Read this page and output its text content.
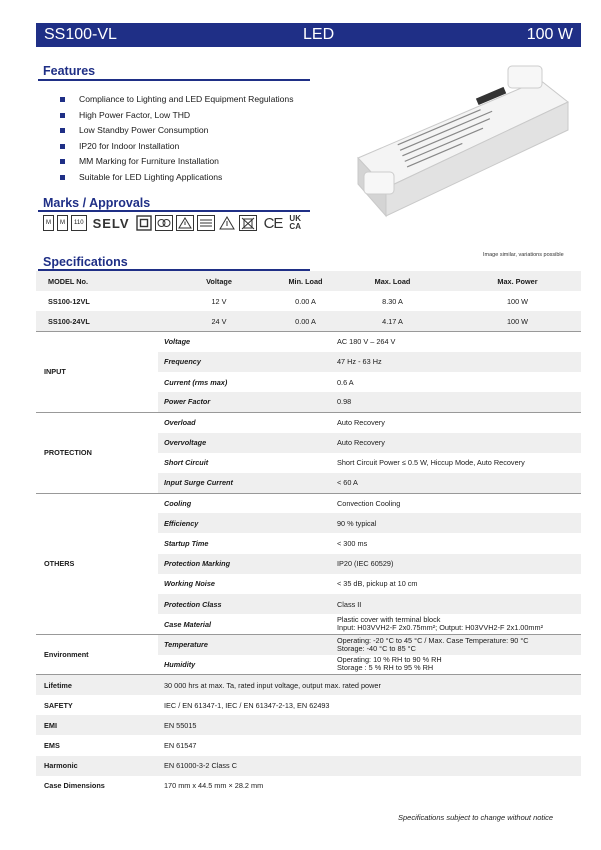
SS100-VL	LED	100 W
Features
Compliance to Lighting and LED Equipment Regulations
High Power Factor, Low THD
Low Standby Power Consumption
IP20 for Indoor Installation
MM Marking for Furniture Installation
Suitable for LED Lighting Applications
Marks / Approvals
M	M	110 SELV	CE UK
CA
Image similar, variations possible
Specifications
MODEL No.	Voltage	Min. Load	Max. Load	Max. Power
SS100-12VL	12 V	0.00 A	8.30 A	100 W
SS100-24VL	24 V	0.00 A	4.17 A	100 W
INPUT	Voltage		AC 180 V – 264 V	
	Frequency		47 Hz - 63 Hz	
	Current (rms max)		0.6 A	
	Power Factor		0.98	
PROTECTION	Overload		Auto Recovery	
	Overvoltage		Auto Recovery	
	Short Circuit		Short Circuit Power ≤ 0.5 W, Hiccup Mode, Auto Recovery	
	Input Surge Current		< 60 A	
OTHERS	Cooling		Convection Cooling	
	Efficiency		90 % typical	
	Startup Time		< 300 ms	
	Protection Marking		IP20 (IEC 60529)	
	Working Noise		< 35 dB, pickup at 10 cm	
	Protection Class		Class II	
	Case Material		Plastic cover with terminal block
Input: H03VVH2-F 2x0.75mm²; Output: H03VVH2-F 2x1.00mm²	
Environment	Temperature		Operating: -20 °C to 45 °C / Max. Case Temperature: 90 °C
Storage: -40 °C to 85 °C	
	Humidity		Operating: 10 % RH to 90 % RH
Storage : 5 % RH to 95 % RH	
Lifetime	30 000 hrs at max. Ta, rated input voltage, output max. rated power			
SAFETY	IEC / EN 61347-1, IEC / EN 61347-2-13, EN 62493			
EMI	EN 55015			
EMS	EN 61547			
Harmonic	EN 61000-3-2 Class C			
Case Dimensions	170 mm x 44.5 mm × 28.2 mm			
Specifications subject to change without notice
